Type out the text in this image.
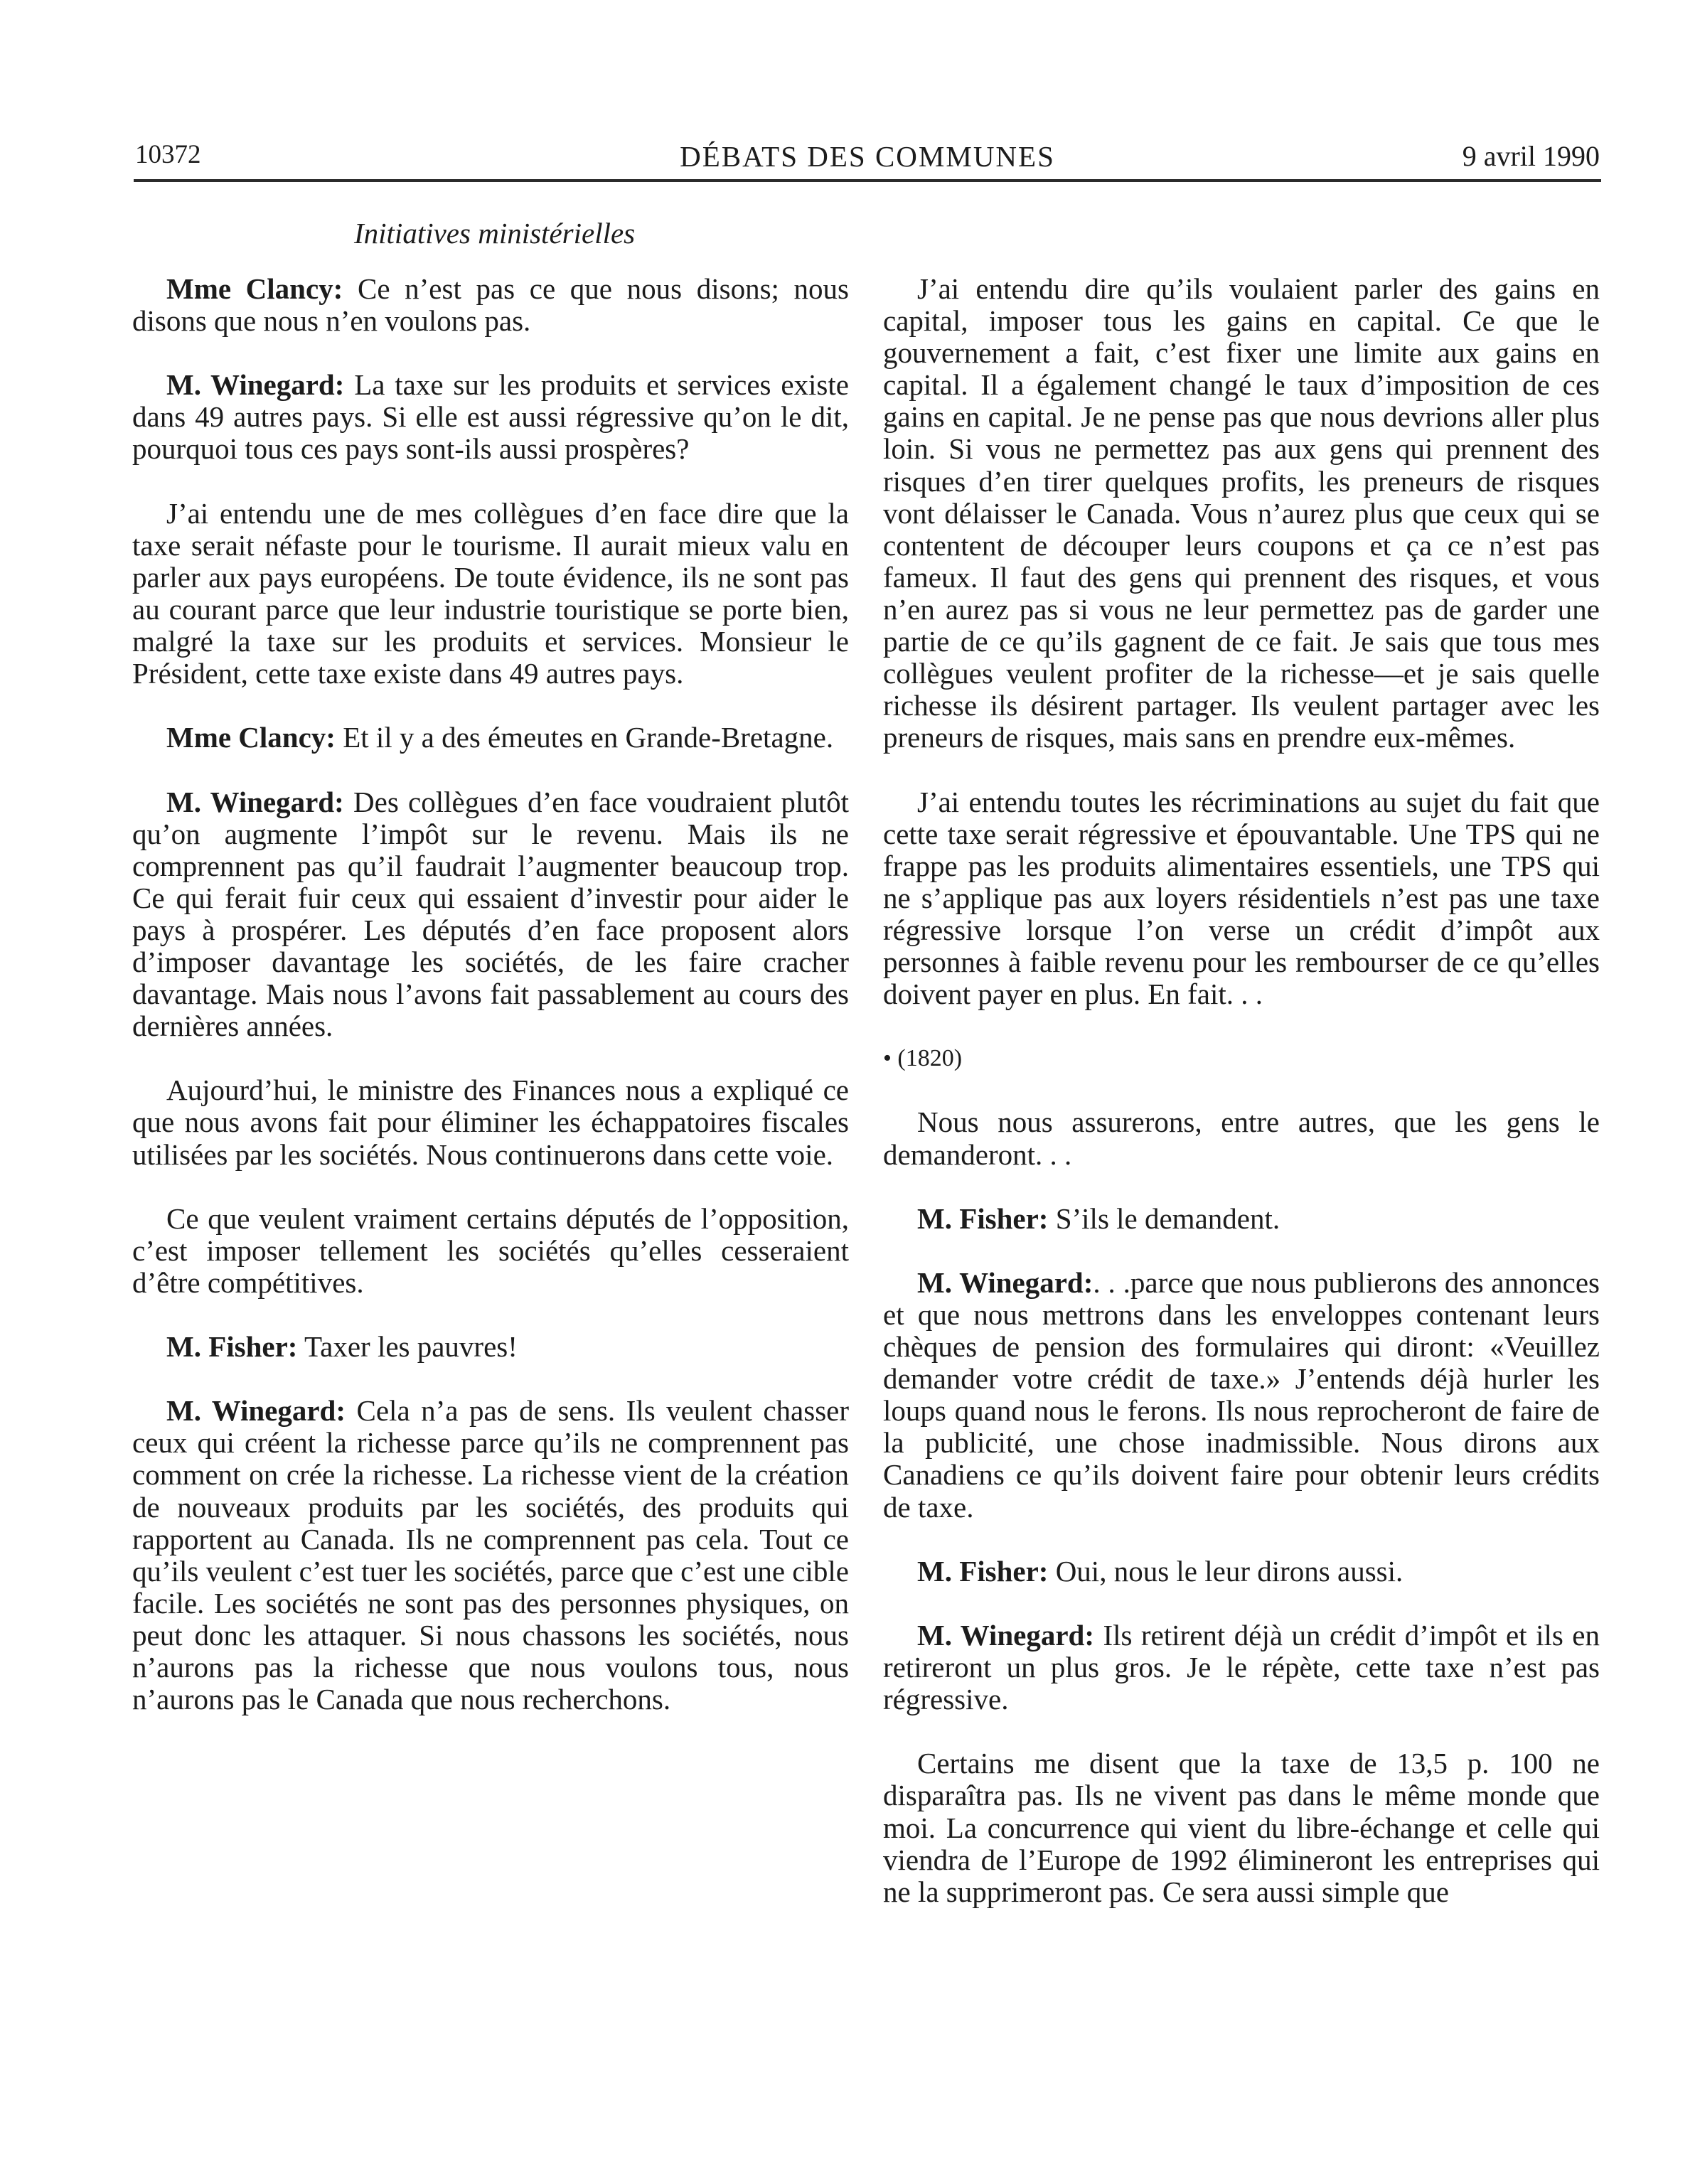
10372	DÉBATS DES COMMUNES	9 avril 1990
Initiatives ministérielles

Mme Clancy: Ce n’est pas ce que nous disons; nous disons que nous n’en voulons pas.

M. Winegard: La taxe sur les produits et services existe dans 49 autres pays. Si elle est aussi régressive qu’on le dit, pourquoi tous ces pays sont-ils aussi prospères?

J’ai entendu une de mes collègues d’en face dire que la taxe serait néfaste pour le tourisme. Il aurait mieux valu en parler aux pays européens. De toute évidence, ils ne sont pas au courant parce que leur industrie touristique se porte bien, malgré la taxe sur les produits et services. Monsieur le Président, cette taxe existe dans 49 autres pays.

Mme Clancy: Et il y a des émeutes en Grande-Bretagne.

M. Winegard: Des collègues d’en face voudraient plutôt qu’on augmente l’impôt sur le revenu. Mais ils ne comprennent pas qu’il faudrait l’augmenter beaucoup trop. Ce qui ferait fuir ceux qui essaient d’investir pour aider le pays à prospérer. Les députés d’en face proposent alors d’imposer davantage les sociétés, de les faire cracher davantage. Mais nous l’avons fait passablement au cours des dernières années.

Aujourd’hui, le ministre des Finances nous a expliqué ce que nous avons fait pour éliminer les échappatoires fiscales utilisées par les sociétés. Nous continuerons dans cette voie.

Ce que veulent vraiment certains députés de l’opposition, c’est imposer tellement les sociétés qu’elles cesseraient d’être compétitives.

M. Fisher: Taxer les pauvres!

M. Winegard: Cela n’a pas de sens. Ils veulent chasser ceux qui créent la richesse parce qu’ils ne comprennent pas comment on crée la richesse. La richesse vient de la création de nouveaux produits par les sociétés, des produits qui rapportent au Canada. Ils ne comprennent pas cela. Tout ce qu’ils veulent c’est tuer les sociétés, parce que c’est une cible facile. Les sociétés ne sont pas des personnes physiques, on peut donc les attaquer. Si nous chassons les sociétés, nous n’aurons pas la richesse que nous voulons tous, nous n’aurons pas le Canada que nous recherchons.

J’ai entendu dire qu’ils voulaient parler des gains en capital, imposer tous les gains en capital. Ce que le gouvernement a fait, c’est fixer une limite aux gains en capital. Il a également changé le taux d’imposition de ces gains en capital. Je ne pense pas que nous devrions aller plus loin. Si vous ne permettez pas aux gens qui prennent des risques d’en tirer quelques profits, les preneurs de risques vont délaisser le Canada. Vous n’aurez plus que ceux qui se contentent de découper leurs coupons et ça ce n’est pas fameux. Il faut des gens qui prennent des risques, et vous n’en aurez pas si vous ne leur permettez pas de garder une partie de ce qu’ils gagnent de ce fait. Je sais que tous mes collègues veulent profiter de la richesse—et je sais quelle richesse ils désirent partager. Ils veulent partager avec les preneurs de risques, mais sans en prendre eux-mêmes.

J’ai entendu toutes les récriminations au sujet du fait que cette taxe serait régressive et épouvantable. Une TPS qui ne frappe pas les produits alimentaires essentiels, une TPS qui ne s’applique pas aux loyers résidentiels n’est pas une taxe régressive lorsque l’on verse un crédit d’impôt aux personnes à faible revenu pour les rembourser de ce qu’elles doivent payer en plus. En fait. . .

• (1820)

Nous nous assurerons, entre autres, que les gens le demanderont. . .

M. Fisher: S’ils le demandent.

M. Winegard:. . .parce que nous publierons des annonces et que nous mettrons dans les enveloppes contenant leurs chèques de pension des formulaires qui diront: «Veuillez demander votre crédit de taxe.» J’entends déjà hurler les loups quand nous le ferons. Ils nous reprocheront de faire de la publicité, une chose inadmissible. Nous dirons aux Canadiens ce qu’ils doivent faire pour obtenir leurs crédits de taxe.

M. Fisher: Oui, nous le leur dirons aussi.

M. Winegard: Ils retirent déjà un crédit d’impôt et ils en retireront un plus gros. Je le répète, cette taxe n’est pas régressive.

Certains me disent que la taxe de 13,5 p. 100 ne disparaîtra pas. Ils ne vivent pas dans le même monde que moi. La concurrence qui vient du libre-échange et celle qui viendra de l’Europe de 1992 élimineront les entreprises qui ne la supprimeront pas. Ce sera aussi simple que
